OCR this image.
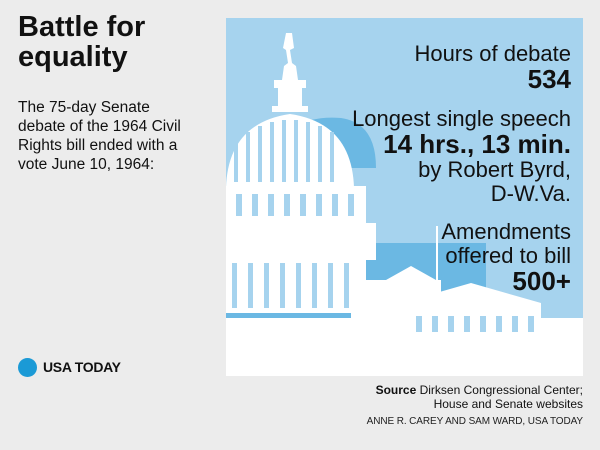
Battle for
equality
The 75-day Senate
debate of the 1964 Civil
Rights bill ended with a
vote June 10, 1964:
USA TODAY
Hours of debate
534
Longest single speech
14 hrs., 13 min.
by Robert Byrd,
D-W.Va.
Amendments
offered to bill
500+
Source Dirksen Congressional Center;
House and Senate websites
ANNE R. CAREY AND SAM WARD, USA TODAY
